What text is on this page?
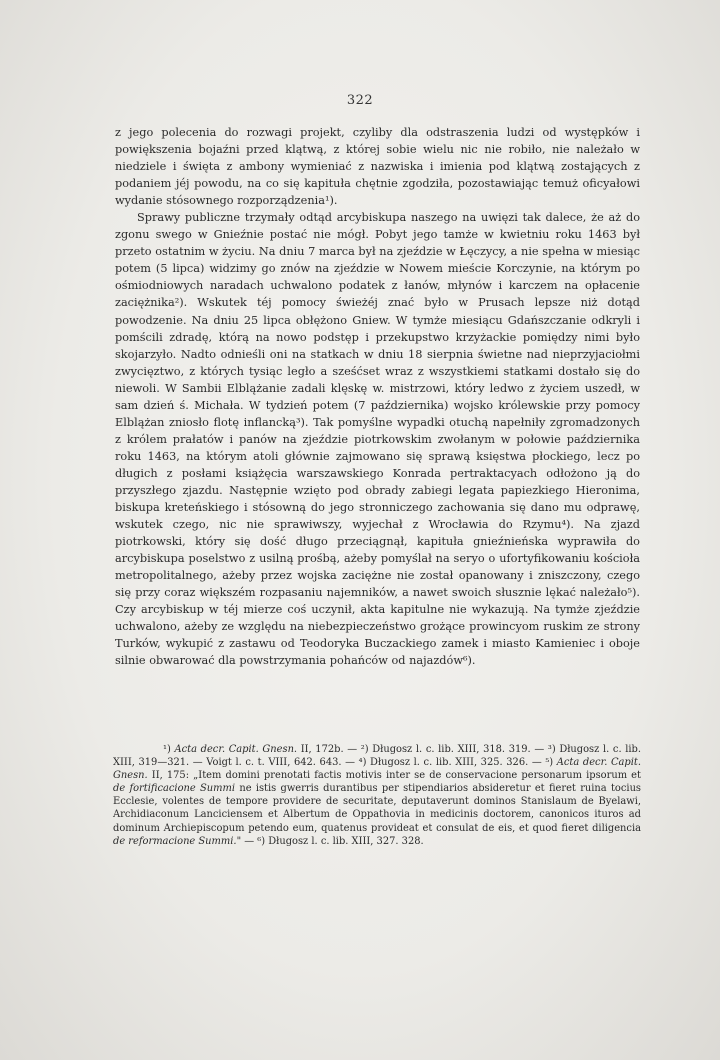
322

z jego polecenia do rozwagi projekt, czyliby dla odstraszenia ludzi od występków i powiększenia bojaźni przed klątwą, z której sobie wielu nic nie robiło, nie należało w niedziele i święta z ambony wymieniać z nazwiska i imienia pod klątwą zostających z podaniem jéj powodu, na co się kapituła chętnie zgodziła, pozostawiając temuż oficyałowi wydanie stósownego rozporządzenia¹).

Sprawy publiczne trzymały odtąd arcybiskupa naszego na uwięzi tak dalece, że aż do zgonu swego w Gnieźnie postać nie mógł. Pobyt jego tamże w kwietniu roku 1463 był przeto ostatnim w życiu. Na dniu 7 marca był na zjeździe w Łęczycy, a nie spełna w miesiąc potem (5 lipca) widzimy go znów na zjeździe w Nowem mieście Korczynie, na którym po ośmiodniowych naradach uchwalono podatek z łanów, młynów i karczem na opłacenie zaciężnika²). Wskutek téj pomocy świeżéj znać było w Prusach lepsze niż dotąd powodzenie. Na dniu 25 lipca obłężono Gniew. W tymże miesiącu Gdańszczanie odkryli i pomścili zdradę, którą na nowo podstęp i przekupstwo krzyżackie pomiędzy nimi było skojarzyło. Nadto odnieśli oni na statkach w dniu 18 sierpnia świetne nad nieprzyjaciołmi zwycięztwo, z których tysiąc legło a sześćset wraz z wszystkiemi statkami dostało się do niewoli. W Sambii Elblążanie zadali klęskę w. mistrzowi, który ledwo z życiem uszedł, w sam dzień ś. Michała. W tydzień potem (7 października) wojsko królewskie przy pomocy Elblążan zniosło flotę inflancką³). Tak pomyślne wypadki otuchą napełniły zgromadzonych z królem prałatów i panów na zjeździe piotrkowskim zwołanym w połowie października roku 1463, na którym atoli głównie zajmowano się sprawą księstwa płockiego, lecz po długich z posłami książęcia warszawskiego Konrada pertraktacyach odłożono ją do przyszłego zjazdu. Następnie wzięto pod obrady zabiegi legata papiezkiego Hieronima, biskupa kreteńskiego i stósowną do jego stronniczego zachowania się dano mu odprawę, wskutek czego, nic nie sprawiwszy, wyjechał z Wrocławia do Rzymu⁴). Na zjazd piotrkowski, który się dość długo przeciągnął, kapituła gnieźnieńska wyprawiła do arcybiskupa poselstwo z usilną prośbą, ażeby pomyślał na seryo o ufortyfikowaniu kościoła metropolitalnego, ażeby przez wojska zaciężne nie został opanowany i zniszczony, czego się przy coraz większém rozpasaniu najemników, a nawet swoich słusznie lękać należało⁵). Czy arcybiskup w téj mierze coś uczynił, akta kapitulne nie wykazują. Na tymże zjeździe uchwalono, ażeby ze względu na niebezpieczeństwo grożące prowincyom ruskim ze strony Turków, wykupić z zastawu od Teodoryka Buczackiego zamek i miasto Kamieniec i oboje silnie obwarować dla powstrzymania pohańców od najazdów⁶).

¹) Acta decr. Capit. Gnesn. II, 172b. — ²) Długosz l. c. lib. XIII, 318. 319. — ³) Długosz l. c. lib. XIII, 319—321. — Voigt l. c. t. VIII, 642. 643. — ⁴) Długosz l. c. lib. XIII, 325. 326. — ⁵) Acta decr. Capit. Gnesn. II, 175: „Item domini prenotati factis motivis inter se de conservacione personarum ipsorum et de fortificacione Summi ne istis gwerris durantibus per stipendiarios absideretur et fieret ruina tocius Ecclesie, volentes de tempore providere de securitate, deputaverunt dominos Stanislaum de Byelawi, Archidiaconum Lanciciensem et Albertum de Oppathovia in medicinis doctorem, canonicos ituros ad dominum Archiepiscopum petendo eum, quatenus provideat et consulat de eis, et quod fieret diligencia de reformacione Summi." — ⁶) Długosz l. c. lib. XIII, 327. 328.
